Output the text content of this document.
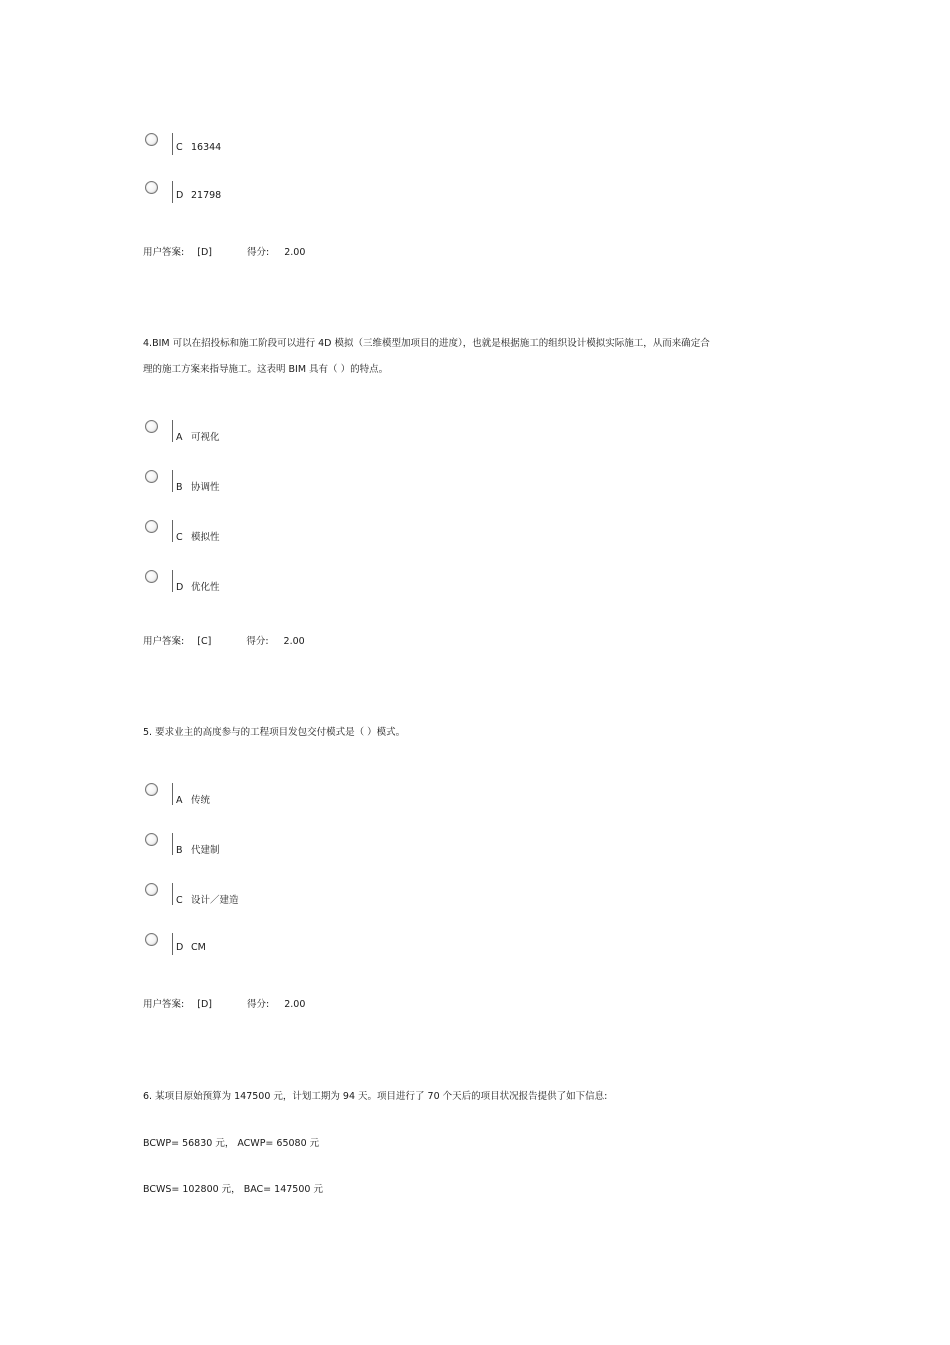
C 16344
D 21798
用户答案: [D]	得分: 2.00
4.BIM 可以在招投标和施工阶段可以进行 4D 模拟（三维模型加项目的进度），也就是根据施工的组织设计模拟实际施工，从而来确定合
理的施工方案来指导施工。这表明 BIM 具有（ ）的特点。
A 可视化
B 协调性
C 模拟性
D 优化性
用户答案: [C]	得分: 2.00
5. 要求业主的高度参与的工程项目发包交付模式是（ ）模式。
A 传统
B 代建制
C 设计／建造
D CM
用户答案: [D]	得分: 2.00
6. 某项目原始预算为 147500 元，计划工期为 94 天。项目进行了 70 个天后的项目状况报告提供了如下信息:
BCWP= 56830 元， ACWP= 65080 元
BCWS= 102800 元， BAC= 147500 元
